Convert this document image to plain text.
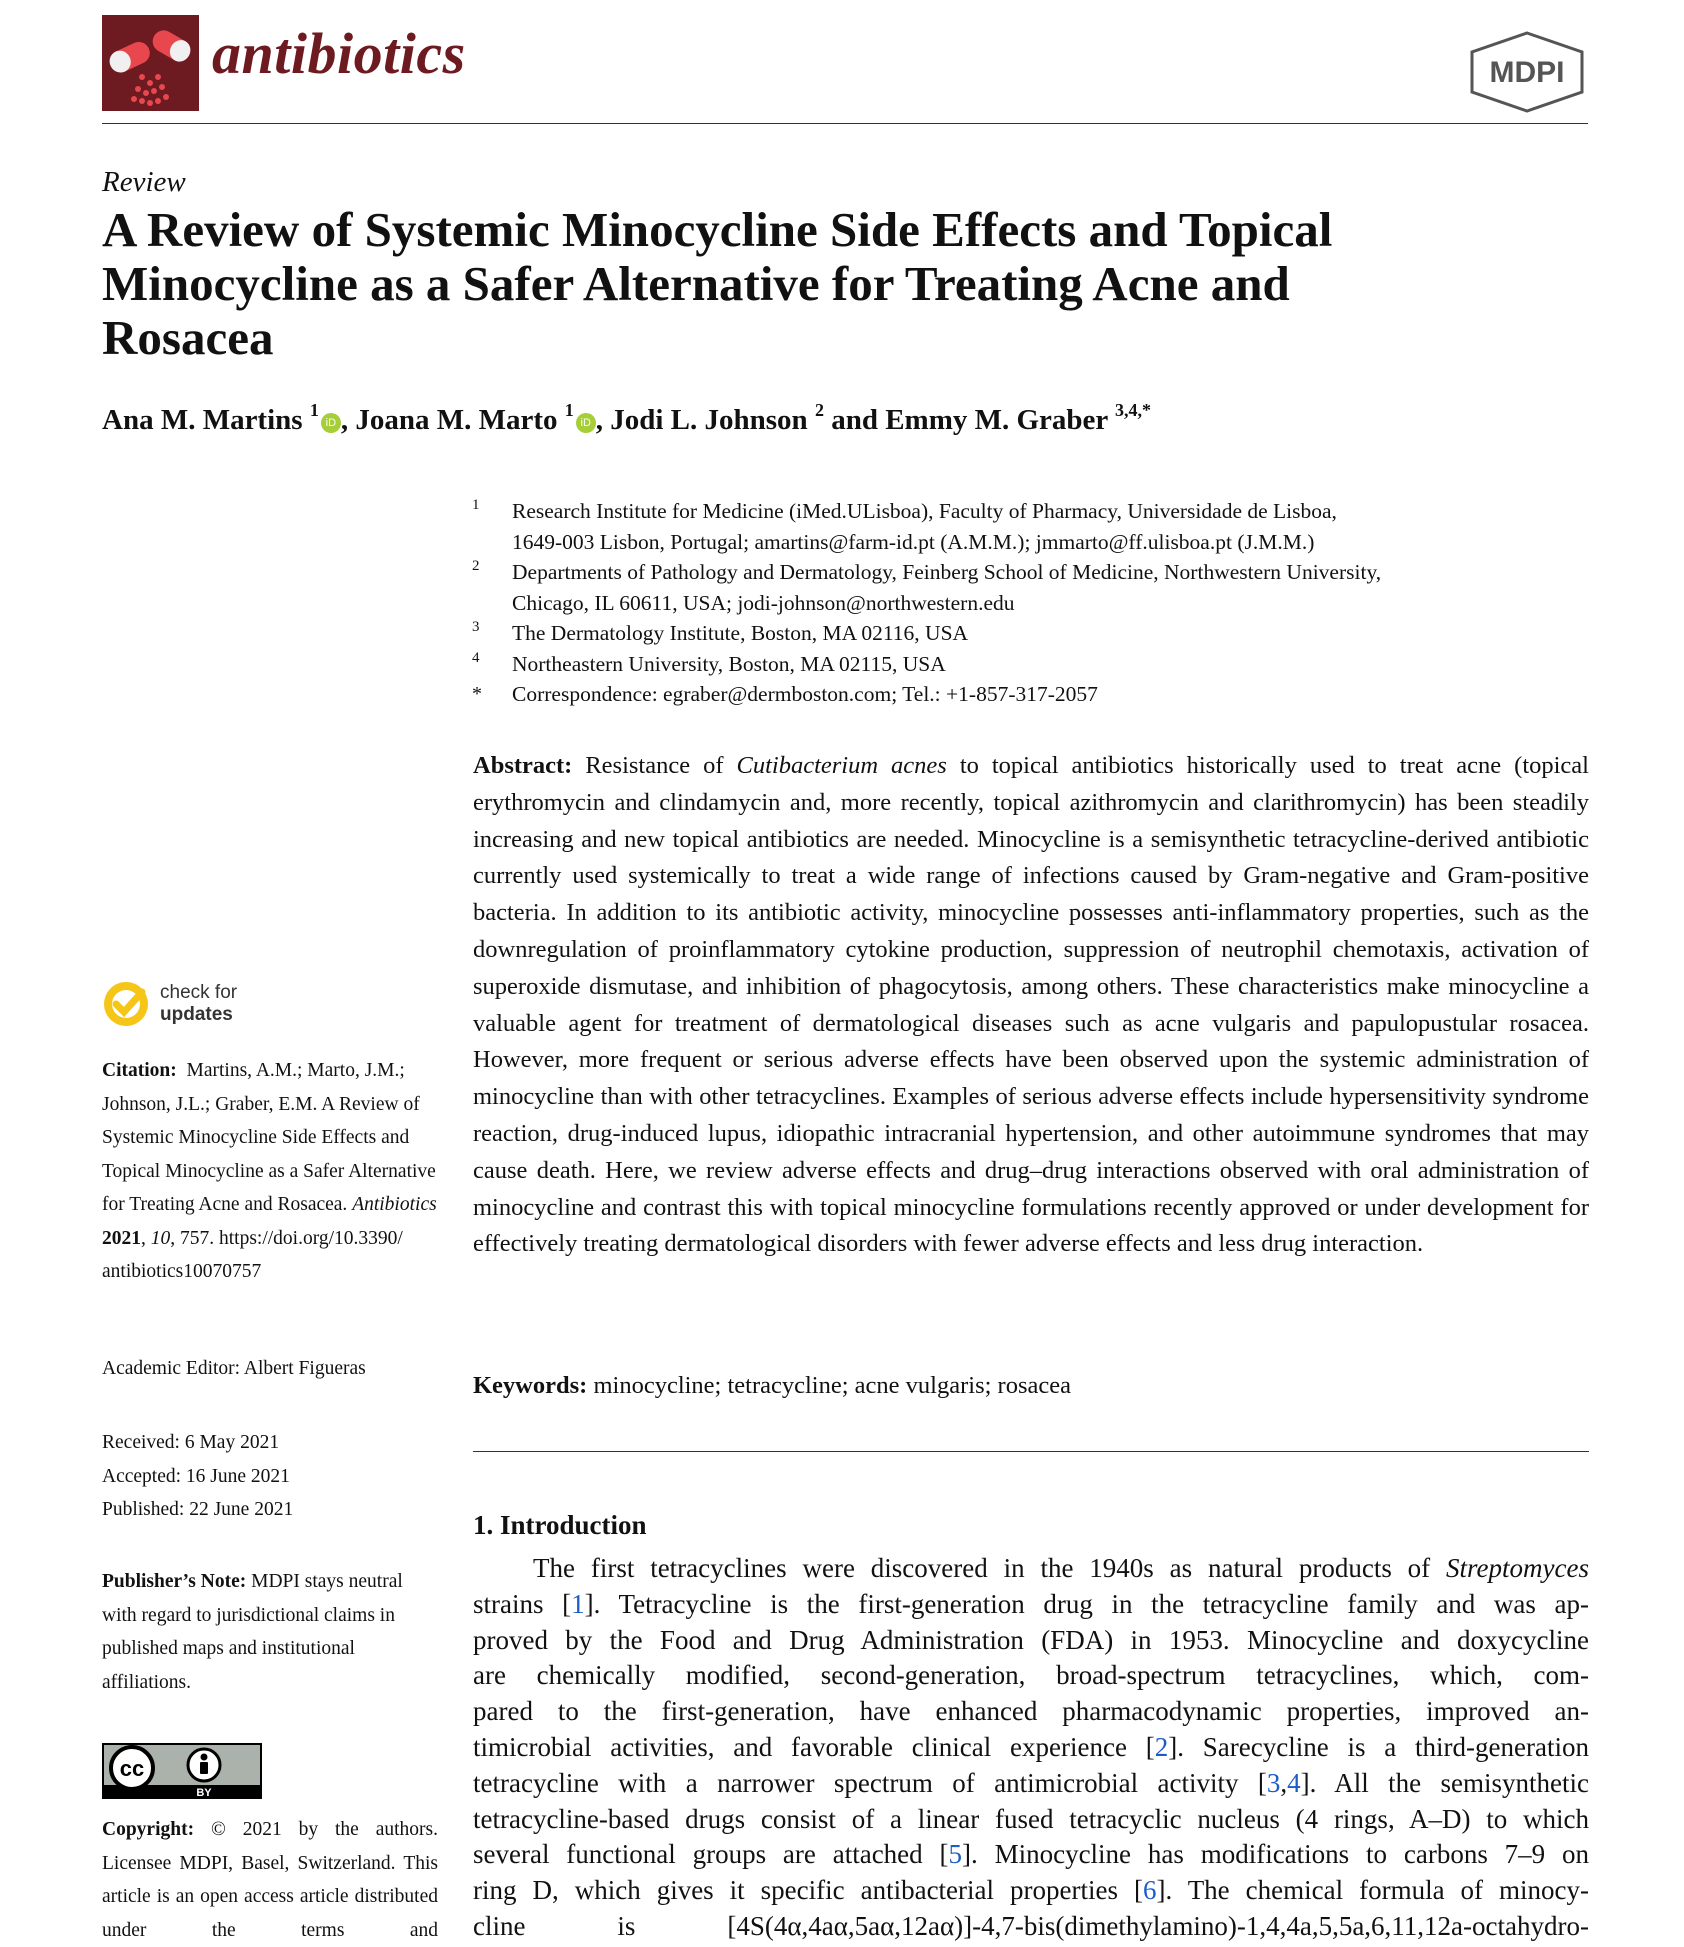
antibiotics	MDPI
Review
A Review of Systemic Minocycline Side Effects and Topical
Minocycline as a Safer Alternative for Treating Acne and
Rosacea
Ana M. Martins $^1$iD , Joana M. Marto $^1$iD , Jodi L. Johnson $^2$ and Emmy M. Graber $^{3,4,*}$
1 Research Institute for Medicine (iMed.ULisboa), Faculty of Pharmacy, Universidade de Lisboa,
1649-003 Lisbon, Portugal; amartins@farm-id.pt (A.M.M.); jmmarto@ff.ulisboa.pt (J.M.M.)
2 Departments of Pathology and Dermatology, Feinberg School of Medicine, Northwestern University,
Chicago, IL 60611, USA; jodi-johnson@northwestern.edu
3 The Dermatology Institute, Boston, MA 02116, USA
4 Northeastern University, Boston, MA 02115, USA
* Correspondence: egraber@dermboston.com; Tel.: +1-857-317-2057
Abstract: Resistance of Cutibacterium acnes to topical antibiotics historically used to treat acne (topical erythromycin and clindamycin and, more recently, topical azithromycin and clarithromycin) has been steadily increasing and new topical antibiotics are needed. Minocycline is a semisynthetic tetracycline-derived antibiotic currently used systemically to treat a wide range of infections caused by Gram-negative and Gram-positive bacteria. In addition to its antibiotic activity, minocycline possesses anti-inflammatory properties, such as the downregulation of proinflammatory cytokine production, suppression of neutrophil chemotaxis, activation of superoxide dismutase, and inhibition of phagocytosis, among others. These characteristics make minocycline a valuable agent for treatment of dermatological diseases such as acne vulgaris and papulopustular rosacea. However, more frequent or serious adverse effects have been observed upon the systemic administration of minocycline than with other tetracyclines. Examples of serious adverse effects include hypersensitivity syndrome reaction, drug-induced lupus, idiopathic intracranial hypertension, and other autoimmune syndromes that may cause death. Here, we review adverse effects and drug–drug interactions observed with oral administration of minocycline and contrast this with topical minocycline formulations recently approved or under development for effectively treating dermatological disorders with fewer adverse effects and less drug interaction.
Keywords: minocycline; tetracycline; acne vulgaris; rosacea
check for
updates
Citation: Martins, A.M.; Marto, J.M.; Johnson, J.L.; Graber, E.M. A Review of Systemic Minocycline Side Effects and Topical Minocycline as a Safer Alternative for Treating Acne and Rosacea. Antibiotics 2021, 10, 757. https://doi.org/10.3390/ antibiotics10070757
Academic Editor: Albert Figueras
Received: 6 May 2021
Accepted: 16 June 2021
Published: 22 June 2021
Publisher’s Note: MDPI stays neutral with regard to jurisdictional claims in published maps and institutional affiliations.
cc
BY
Copyright: © 2021 by the authors. Licensee MDPI, Basel, Switzerland. This article is an open access article distributed under the terms and
1. Introduction
The first tetracyclines were discovered in the 1940s as natural products of Streptomyces
strains [1]. Tetracycline is the first-generation drug in the tetracycline family and was ap-
proved by the Food and Drug Administration (FDA) in 1953. Minocycline and doxycycline
are chemically modified, second-generation, broad-spectrum tetracyclines, which, com-
pared to the first-generation, have enhanced pharmacodynamic properties, improved an-
timicrobial activities, and favorable clinical experience [2]. Sarecycline is a third-generation
tetracycline with a narrower spectrum of antimicrobial activity [3,4]. All the semisynthetic
tetracycline-based drugs consist of a linear fused tetracyclic nucleus (4 rings, A–D) to which
several functional groups are attached [5]. Minocycline has modifications to carbons 7–9 on
ring D, which gives it specific antibacterial properties [6]. The chemical formula of minocy-
cline	is	[4S(4α,4aα,5aα,12aα)]-4,7-bis(dimethylamino)-1,4,4a,5,5a,6,11,12a-octahydro-
